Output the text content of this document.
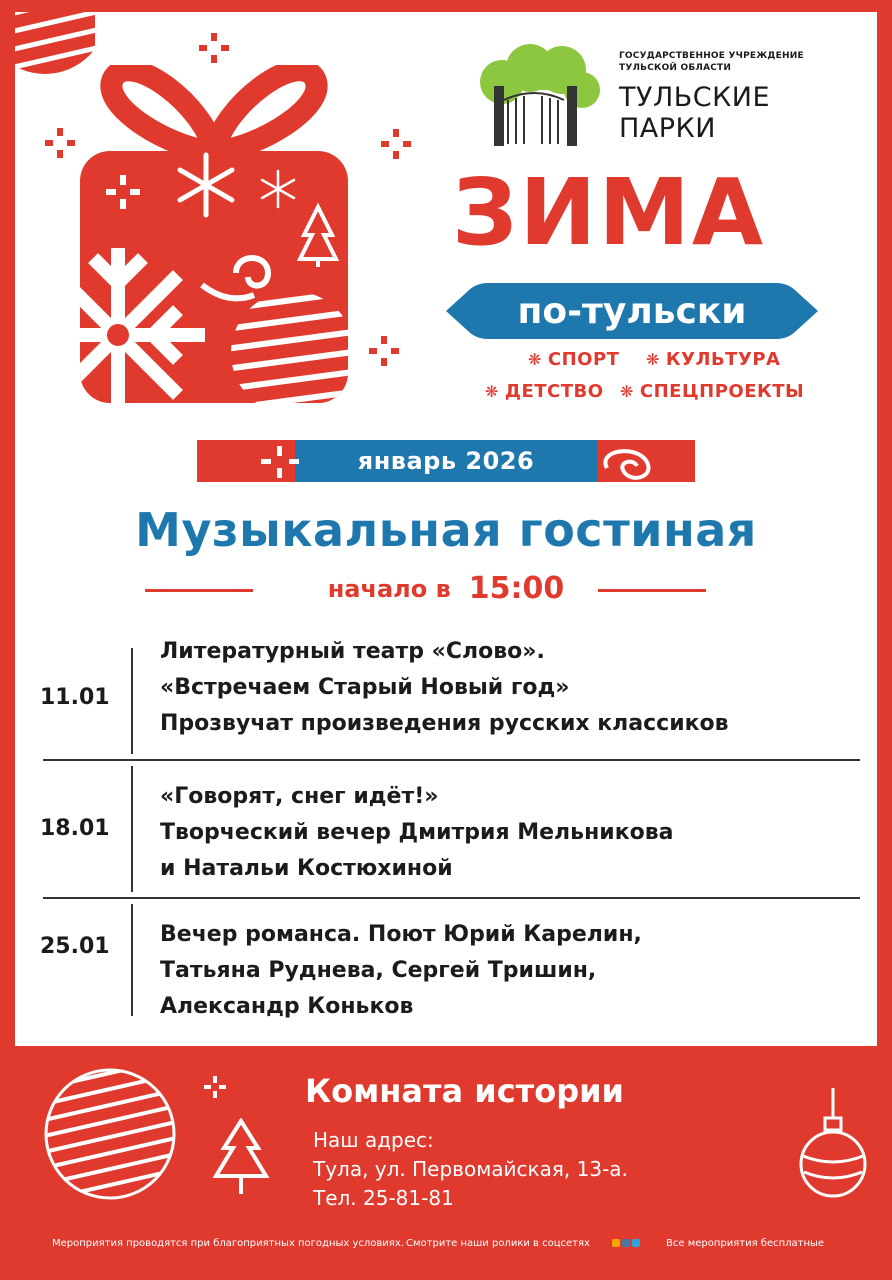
ГОСУДАРСТВЕННОЕ УЧРЕЖДЕНИЕ
ТУЛЬСКОЙ ОБЛАСТИ
ТУЛЬСКИЕ
ПАРКИ
ЗИМА
по-тульски
❋ СПОРТ ❋ КУЛЬТУРА
❋ ДЕТСТВО ❋ СПЕЦПРОЕКТЫ
январь 2026
Музыкальная гостиная
начало в 15:00
11.01
Литературный театр «Слово».
«Встречаем Старый Новый год»
Прозвучат произведения русских классиков
18.01
«Говорят, снег идёт!»
Творческий вечер Дмитрия Мельникова
и Натальи Костюхиной
25.01 Вечер романса. Поют Юрий Карелин,
Татьяна Руднева, Сергей Тришин,
Александр Коньков
Комната истории
Наш адрес:
Тула, ул. Первомайская, 13-а.
Тел. 25-81-81
Мероприятия проводятся при благоприятных погодных условиях. Смотрите наши ролики в соцсетях	Все мероприятия бесплатные
